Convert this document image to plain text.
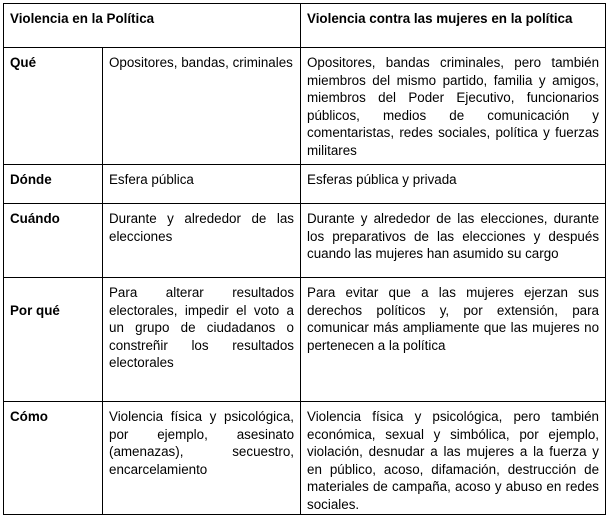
Violencia en la Política		Violencia contra las mujeres en la política
Qué	Opositores, bandas, criminales	Opositores, bandas criminales, pero también miembros del mismo partido, familia y amigos, miembros del Poder Ejecutivo, funcionarios públicos, medios de comunicación y comentaristas, redes sociales, política y fuerzas militares
Dónde	Esfera pública	Esferas pública y privada
Cuándo	Durante y alrededor de las elecciones	Durante y alrededor de las elecciones, durante los preparativos de las elecciones y después cuando las mujeres han asumido su cargo
Por qué	Para alterar resultados electorales, impedir el voto a un grupo de ciudadanos o constreñir los resultados electorales	Para evitar que a las mujeres ejerzan sus derechos políticos y, por extensión, para comunicar más ampliamente que las mujeres no pertenecen a la política
Cómo	Violencia física y psicológica, por ejemplo, asesinato (amenazas), secuestro, encarcelamiento	Violencia física y psicológica, pero también económica, sexual y simbólica, por ejemplo, violación, desnudar a las mujeres a la fuerza y en público, acoso, difamación, destrucción de materiales de campaña, acoso y abuso en redes sociales.
